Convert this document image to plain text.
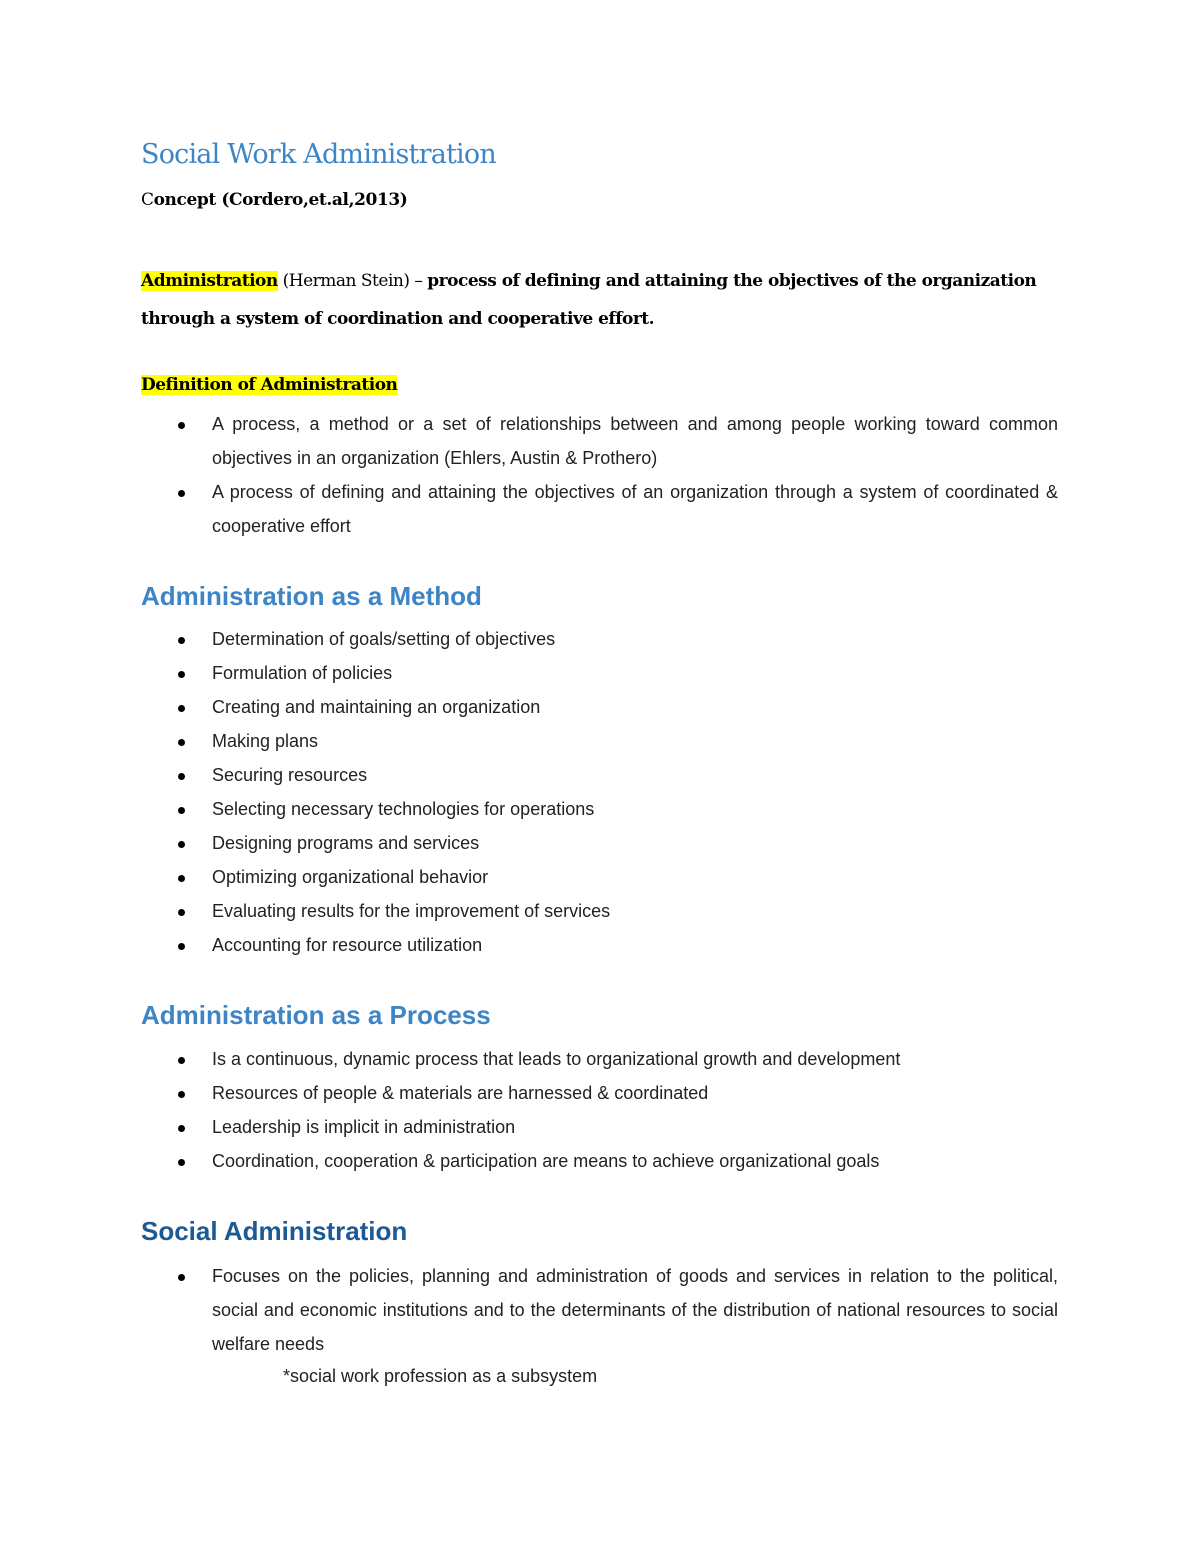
Social Work Administration
Concept (Cordero,et.al,2013)
Administration (Herman Stein) – process of defining and attaining the objectives of the organization through a system of coordination and cooperative effort.
Definition of Administration
A process, a method or a set of relationships between and among people working toward common objectives in an organization (Ehlers, Austin & Prothero)
A process of defining and attaining the objectives of an organization through a system of coordinated & cooperative effort
Administration as a Method
Determination of goals/setting of objectives
Formulation of policies
Creating and maintaining an organization
Making plans
Securing resources
Selecting necessary technologies for operations
Designing programs and services
Optimizing organizational behavior
Evaluating results for the improvement of services
Accounting for resource utilization
Administration as a Process
Is a continuous, dynamic process that leads to organizational growth and development
Resources of people & materials are harnessed & coordinated
Leadership is implicit in administration
Coordination, cooperation & participation are means to achieve organizational goals
Social Administration
Focuses on the policies, planning and administration of goods and services in relation to the political, social and economic institutions and to the determinants of the distribution of national resources to social welfare needs
*social work profession as a subsystem
